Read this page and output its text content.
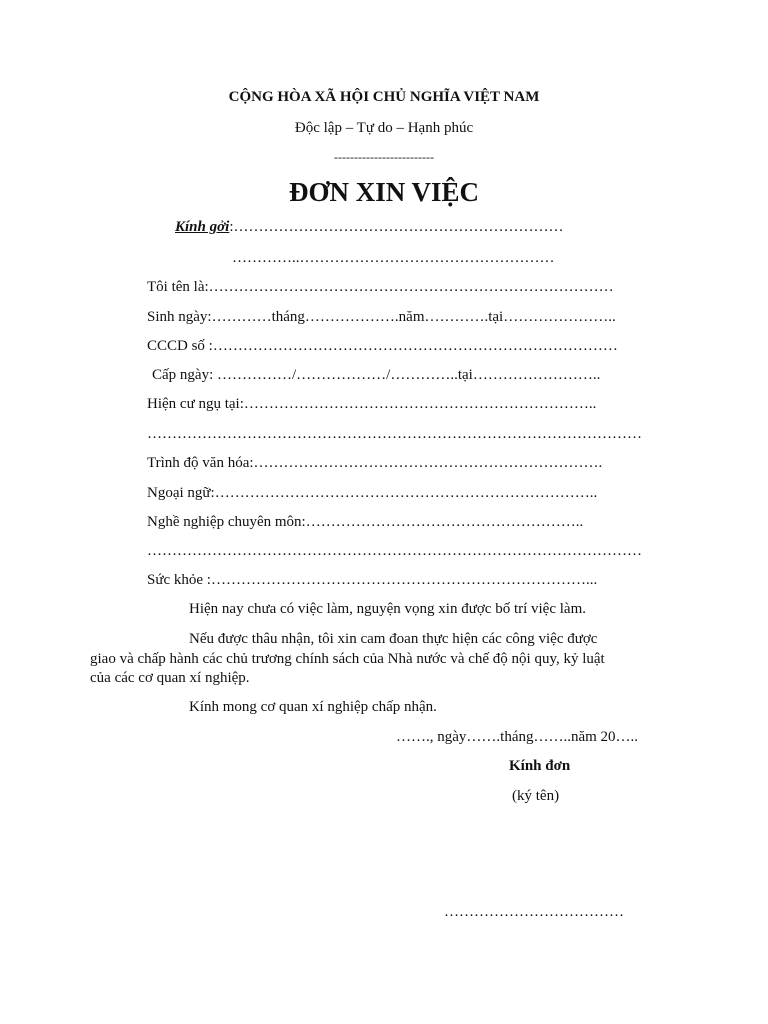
CỘNG HÒA XÃ HỘI CHỦ NGHĨA VIỆT NAM
Độc lập – Tự do – Hạnh phúc
-------------------------
ĐƠN XIN VIỆC
Kính gởi:…………………………………………………………
…………..……………………………………………
Tôi tên là:………………………………………………………………………
Sinh ngày:…………tháng……………….năm………….tại…………………..
CCCD số :………………………………………………………………………
Cấp ngày: ……………/………………/…………..tại……………………..
Hiện cư ngụ tại:……………………………………………………………..
………………………………………………………………………………………
Trình độ văn hóa:…………………………………………………………….
Ngoại ngữ:…………………………………………………………………..
Nghề nghiệp chuyên môn:………………………………………………..
………………………………………………………………………………………
Sức khỏe :…………………………………………………………………...
Hiện nay chưa có việc làm, nguyện vọng xin được bố trí việc làm.
Nếu được thâu nhận, tôi xin cam đoan thực hiện các công việc được
giao và chấp hành các chủ trương chính sách của Nhà nước và chế độ nội quy, kỷ luật
của các cơ quan xí nghiệp.
Kính mong cơ quan xí nghiệp chấp nhận.
……., ngày…….tháng……..năm 20…..
Kính đơn
(ký tên)
………………………………
